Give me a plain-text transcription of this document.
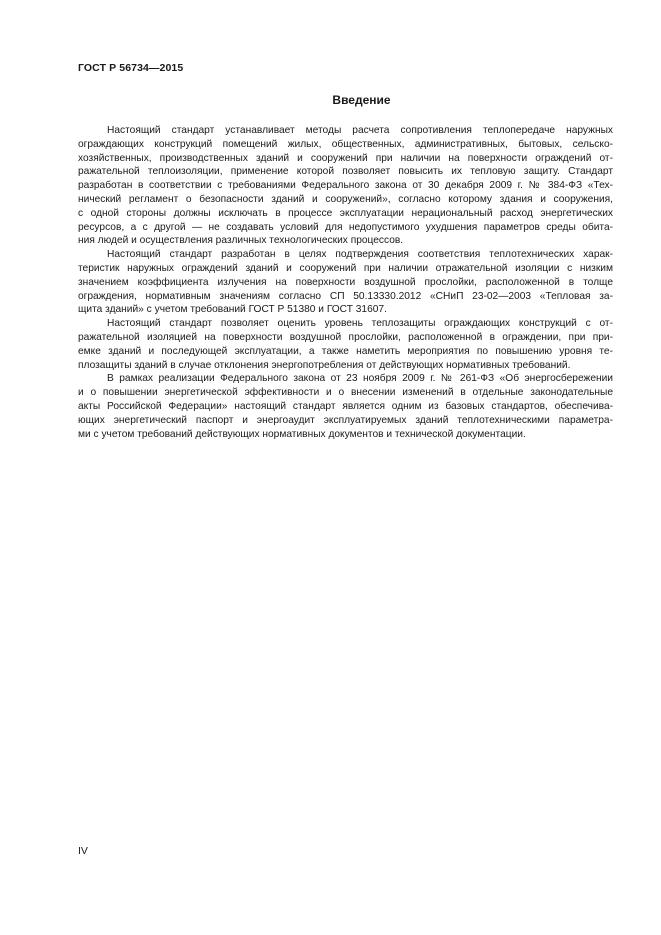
ГОСТ Р 56734—2015
Введение
Настоящий стандарт устанавливает методы расчета сопротивления теплопередаче наружных
ограждающих конструкций помещений жилых, общественных, административных, бытовых, сельско-
хозяйственных, производственных зданий и сооружений при наличии на поверхности ограждений от-
ражательной теплоизоляции, применение которой позволяет повысить их тепловую защиту. Стандарт
разработан в соответствии с требованиями Федерального закона от 30 декабря 2009 г. № 384-ФЗ «Тех-
нический регламент о безопасности зданий и сооружений», согласно которому здания и сооружения,
с одной стороны должны исключать в процессе эксплуатации нерациональный расход энергетических
ресурсов, а с другой — не создавать условий для недопустимого ухудшения параметров среды обита-
ния людей и осуществления различных технологических процессов.
Настоящий стандарт разработан в целях подтверждения соответствия теплотехнических харак-
теристик наружных ограждений зданий и сооружений при наличии отражательной изоляции с низким
значением коэффициента излучения на поверхности воздушной прослойки, расположенной в толще
ограждения, нормативным значениям согласно СП 50.13330.2012 «СНиП 23-02—2003 «Тепловая за-
щита зданий» с учетом требований ГОСТ Р 51380 и ГОСТ 31607.
Настоящий стандарт позволяет оценить уровень теплозащиты ограждающих конструкций с от-
ражательной изоляцией на поверхности воздушной прослойки, расположенной в ограждении, при при-
емке зданий и последующей эксплуатации, а также наметить мероприятия по повышению уровня те-
плозащиты зданий в случае отклонения энергопотребления от действующих нормативных требований.
В рамках реализации Федерального закона от 23 ноября 2009 г. № 261-ФЗ «Об энергосбережении
и о повышении энергетической эффективности и о внесении изменений в отдельные законодательные
акты Российской Федерации» настоящий стандарт является одним из базовых стандартов, обеспечива-
ющих энергетический паспорт и энергоаудит эксплуатируемых зданий теплотехническими параметра-
ми с учетом требований действующих нормативных документов и технической документации.
IV
